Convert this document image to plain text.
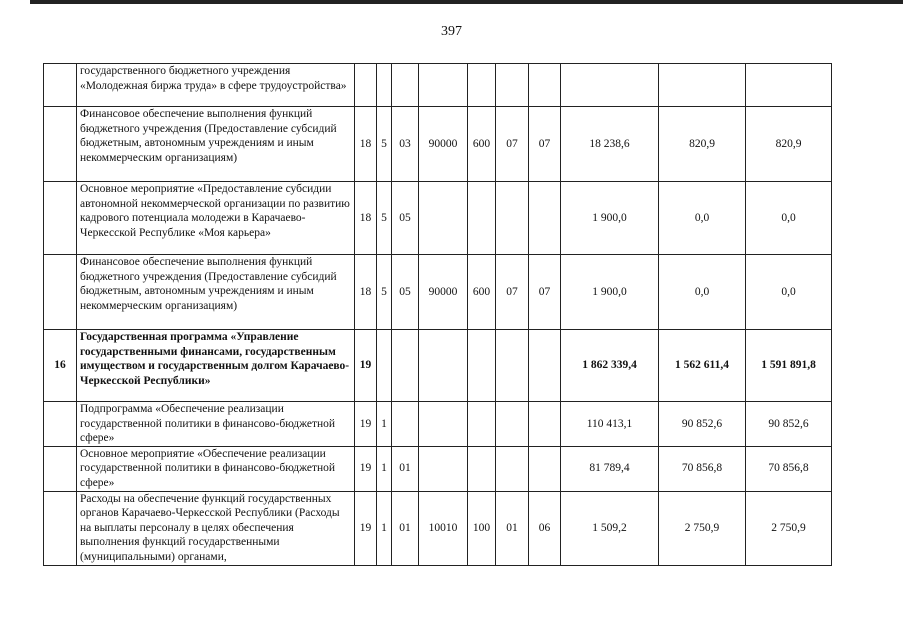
397
	государственного бюджетного учреждения «Молодежная биржа труда» в сфере трудоустройства»										
	Финансовое обеспечение выполнения функций бюджетного учреждения (Предоставление субсидий бюджетным, автономным учреждениям и иным некоммерческим организациям)	18	5	03	90000	600	07	07	18 238,6	820,9	820,9
	Основное мероприятие «Предоставление субсидии автономной некоммерческой организации по развитию кадрового потенциала молодежи в Карачаево-Черкесской Республике «Моя карьера»	18	5	05					1 900,0	0,0	0,0
	Финансовое обеспечение выполнения функций бюджетного учреждения (Предоставление субсидий бюджетным, автономным учреждениям и иным некоммерческим организациям)	18	5	05	90000	600	07	07	1 900,0	0,0	0,0
16	Государственная программа «Управление государственными финансами, государственным имуществом и государственным долгом Карачаево-Черкесской Республики»	19							1 862 339,4	1 562 611,4	1 591 891,8
	Подпрограмма «Обеспечение реализации государственной политики в финансово-бюджетной сфере»	19	1						110 413,1	90 852,6	90 852,6
	Основное мероприятие «Обеспечение реализации государственной политики в финансово-бюджетной сфере»	19	1	01					81 789,4	70 856,8	70 856,8
	Расходы на обеспечение функций государственных органов Карачаево-Черкесской Республики (Расходы на выплаты персоналу в целях обеспечения выполнения функций государственными (муниципальными) органами,	19	1	01	10010	100	01	06	1 509,2	2 750,9	2 750,9
